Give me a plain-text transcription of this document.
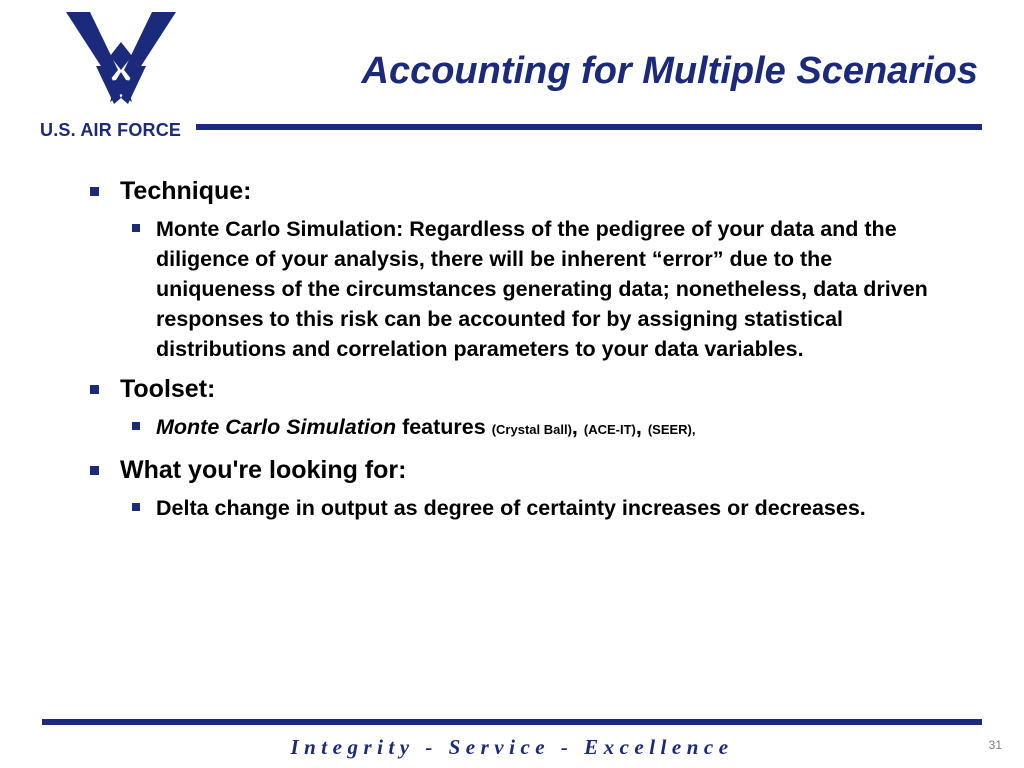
U.S. AIR FORCE
Accounting for Multiple Scenarios
Technique:
Monte Carlo Simulation: Regardless of the pedigree of your data and the diligence of your analysis, there will be inherent “error” due to the uniqueness of the circumstances generating data; nonetheless, data driven responses to this risk can be accounted for by assigning statistical distributions and correlation parameters to your data variables.
Toolset:
Monte Carlo Simulation features (Crystal Ball), (ACE-IT), (SEER),
What you're looking for:
Delta change in output as degree of certainty increases or decreases.
Integrity - Service - Excellence	31
